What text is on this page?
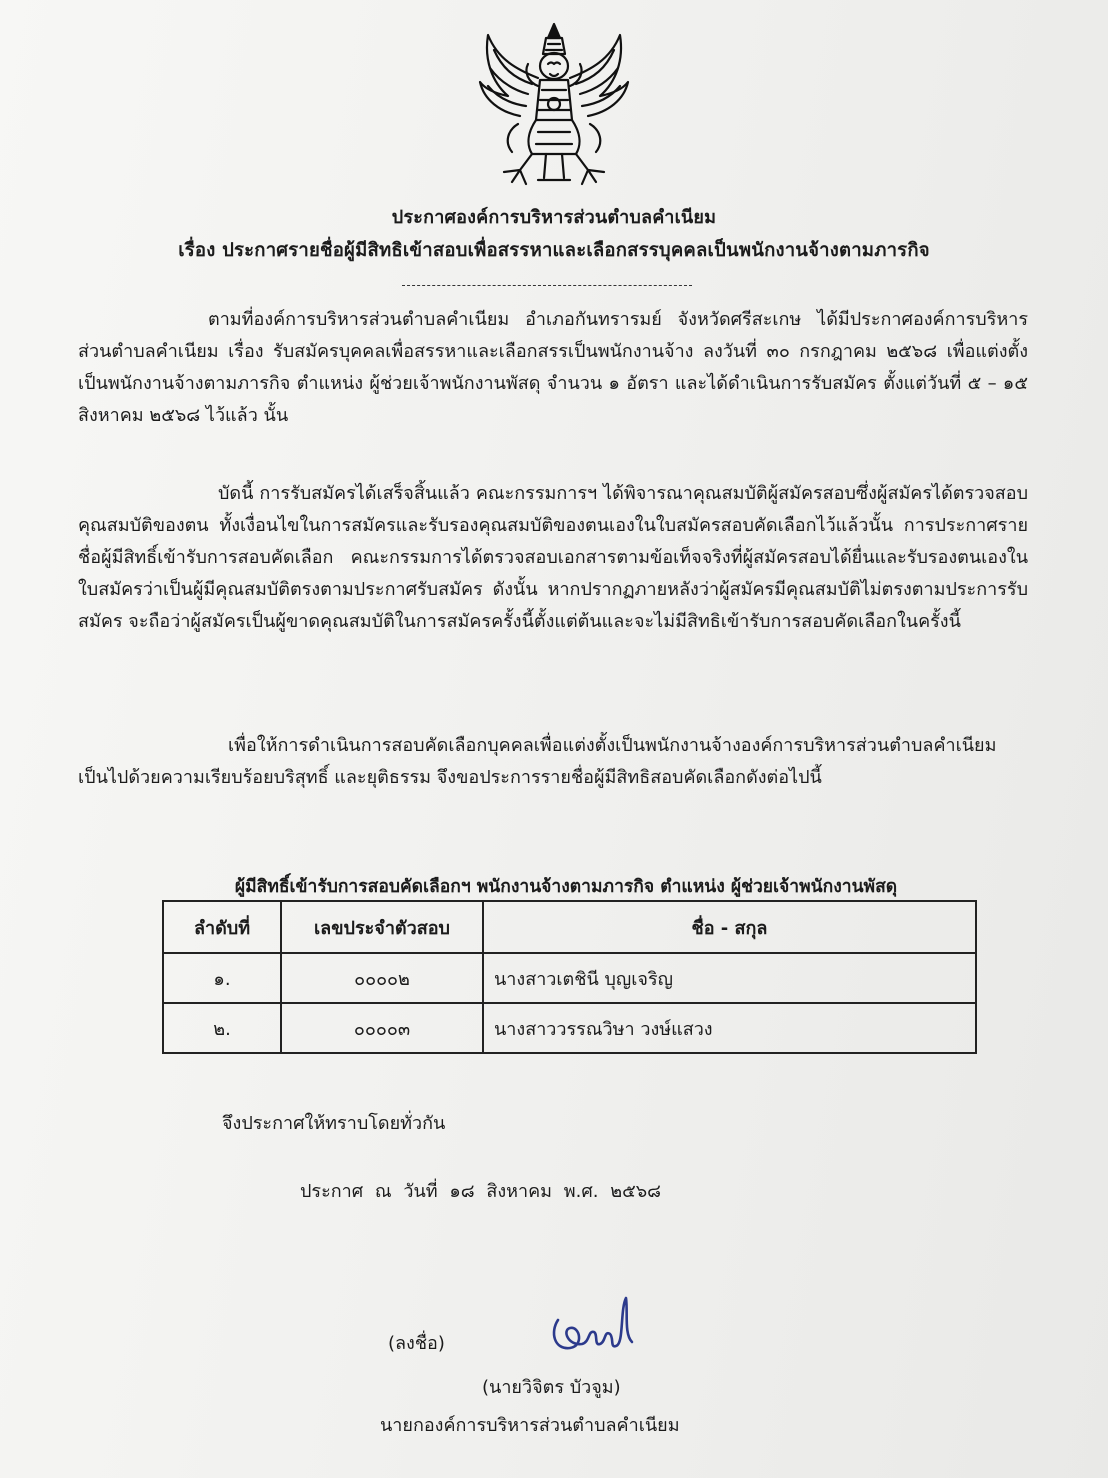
ประกาศองค์การบริหารส่วนตำบลคำเนียม
เรื่อง ประกาศรายชื่อผู้มีสิทธิเข้าสอบเพื่อสรรหาและเลือกสรรบุคคลเป็นพนักงานจ้างตามภารกิจ

ตามที่องค์การบริหารส่วนตำบลคำเนียม อำเภอกันทรารมย์ จังหวัดศรีสะเกษ ได้มีประกาศองค์การบริหารส่วนตำบลคำเนียม เรื่อง รับสมัครบุคคลเพื่อสรรหาและเลือกสรรเป็นพนักงานจ้าง ลงวันที่ ๓๐ กรกฎาคม ๒๕๖๘ เพื่อแต่งตั้งเป็นพนักงานจ้างตามภารกิจ ตำแหน่ง ผู้ช่วยเจ้าพนักงานพัสดุ จำนวน ๑ อัตรา และได้ดำเนินการรับสมัคร ตั้งแต่วันที่ ๕ – ๑๕ สิงหาคม ๒๕๖๘ ไว้แล้ว นั้น

บัดนี้ การรับสมัครได้เสร็จสิ้นแล้ว คณะกรรมการฯ ได้พิจารณาคุณสมบัติผู้สมัครสอบซึ่งผู้สมัครได้ตรวจสอบคุณสมบัติของตน ทั้งเงื่อนไขในการสมัครและรับรองคุณสมบัติของตนเองในใบสมัครสอบคัดเลือกไว้แล้วนั้น การประกาศรายชื่อผู้มีสิทธิ์เข้ารับการสอบคัดเลือก คณะกรรมการได้ตรวจสอบเอกสารตามข้อเท็จจริงที่ผู้สมัครสอบได้ยื่นและรับรองตนเองในใบสมัครว่าเป็นผู้มีคุณสมบัติตรงตามประกาศรับสมัคร ดังนั้น หากปรากฏภายหลังว่าผู้สมัครมีคุณสมบัติไม่ตรงตามประการรับสมัคร จะถือว่าผู้สมัครเป็นผู้ขาดคุณสมบัติในการสมัครครั้งนี้ตั้งแต่ต้นและจะไม่มีสิทธิเข้ารับการสอบคัดเลือกในครั้งนี้

เพื่อให้การดำเนินการสอบคัดเลือกบุคคลเพื่อแต่งตั้งเป็นพนักงานจ้างองค์การบริหารส่วนตำบลคำเนียม เป็นไปด้วยความเรียบร้อยบริสุทธิ์ และยุติธรรม จึงขอประการรายชื่อผู้มีสิทธิสอบคัดเลือกดังต่อไปนี้

ผู้มีสิทธิ์เข้ารับการสอบคัดเลือกฯ พนักงานจ้างตามภารกิจ ตำแหน่ง ผู้ช่วยเจ้าพนักงานพัสดุ
ลำดับที่	เลขประจำตัวสอบ	ชื่อ - สกุล
๑.	๐๐๐๐๒	นางสาวเตชินี บุญเจริญ
๒.	๐๐๐๐๓	นางสาววรรณวิษา วงษ์แสวง
จึงประกาศให้ทราบโดยทั่วกัน
ประกาศ ณ วันที่ ๑๘ สิงหาคม พ.ศ. ๒๕๖๘
(ลงชื่อ)
(นายวิจิตร บัวจูม)
นายกองค์การบริหารส่วนตำบลคำเนียม
